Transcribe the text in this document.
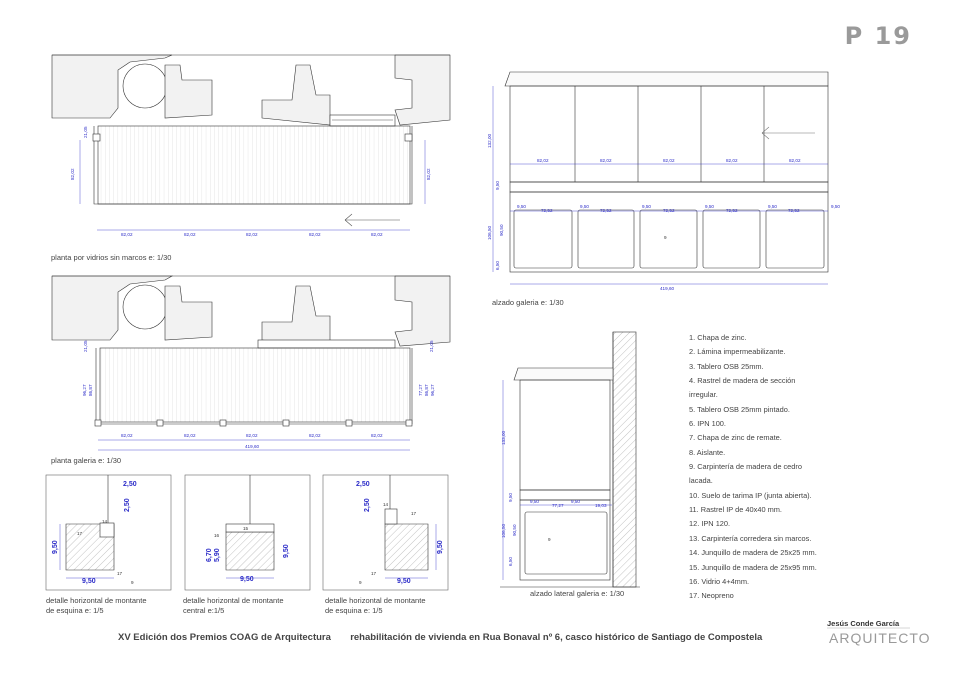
P 19
82,02	82,02	82,02	82,02	82,02
21,05
82,02	82,02
82,02	82,02	82,02	82,02	82,02
419,60
21,05	21,05
96,27 86,87	77,27 86,87 96,27
82,02	82,02	82,02	82,02	82,02
9,50
72,52
9,50
72,52
9,50
72,52
9,50
72,52
9,50
72,52
9,50
419,60
9
132,00
9,50
106,50 90,50
6,50
9,50
77,27
9,50
19,03
9
133,00
9,50
106,50 90,50
6,50
2,50
2,50
9,50
9,50
14
17
17
9	9,50
9,50
6,70 5,90
15
16
2,50
2,50
9,50
9,50
14
17
17
9
planta por vidrios sin marcos e: 1/30
planta galeria e: 1/30
alzado galeria e: 1/30
alzado lateral galeria e: 1/30
detalle horizontal de montante
de esquina e: 1/5
detalle horizontal de montante
central e:1/5
detalle horizontal de montante
de esquina e: 1/5
1. Chapa de zinc.
2. Lámina impermeabilizante.
3. Tablero OSB 25mm.
4. Rastrel de madera de sección
irregular.
5. Tablero OSB 25mm pintado.
6. IPN 100.
7. Chapa de zinc de remate.
8. Aislante.
9. Carpintería de madera de cedro
lacada.
10. Suelo de tarima IP (junta abierta).
11. Rastrel IP de 40x40 mm.
12. IPN 120.
13. Carpintería corredera sin marcos.
14. Junquillo de madera de 25x25 mm.
15. Junquillo de madera de 25x95 mm.
16. Vidrio 4+4mm.
17. Neopreno
XV Edición dos Premios COAG de Arquitectura rehabilitación de vivienda en Rua Bonaval nº 6, casco histórico de Santiago de Compostela
Jesús Conde García
ARQUITECTO
